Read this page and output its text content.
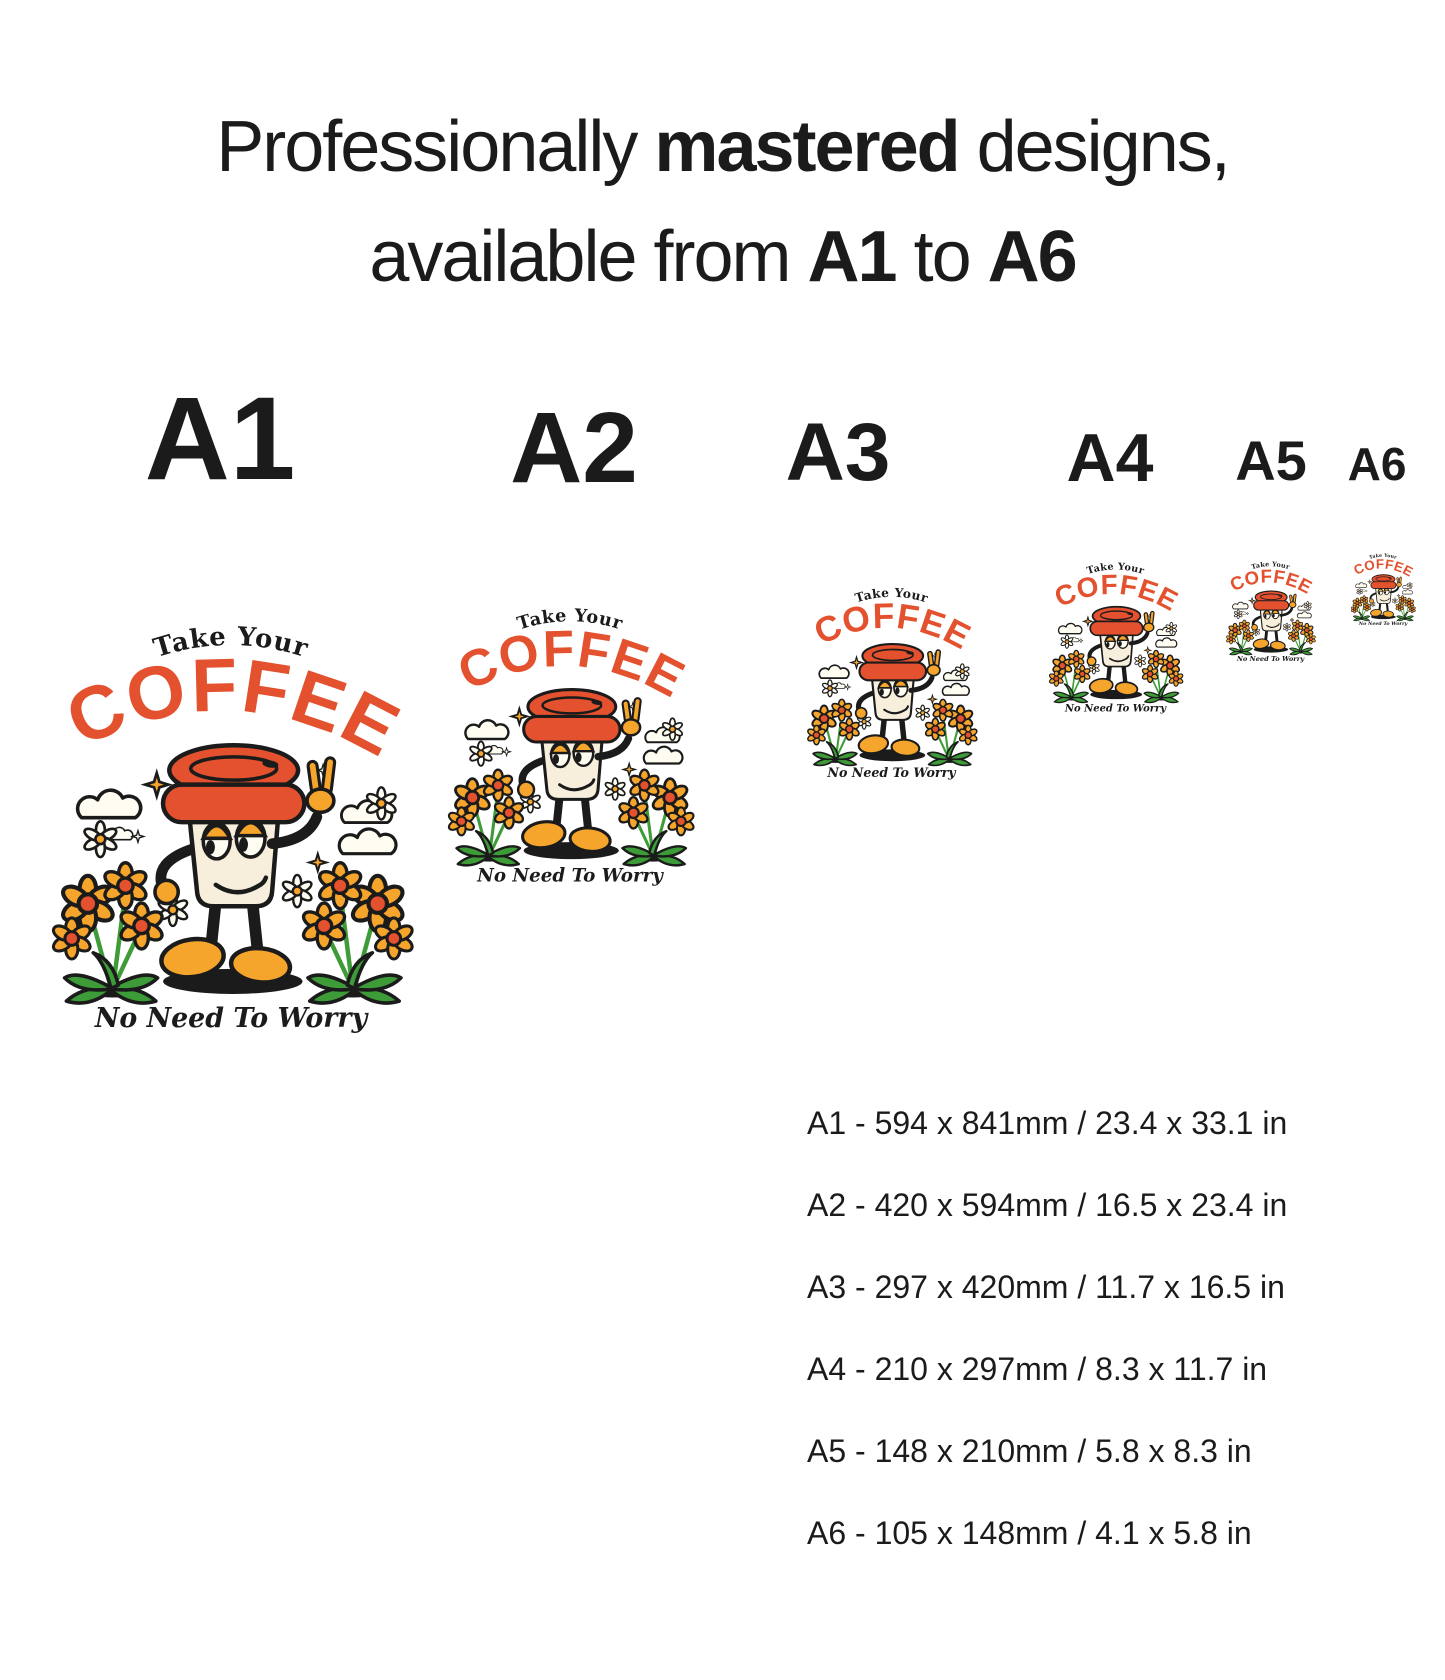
Professionally mastered designs,
available from A1 to A6
A1 A2 A3	A4 A5 A6
A1 - 594 x 841mm / 23.4 x 33.1 in
A2 - 420 x 594mm / 16.5 x 23.4 in
A3 - 297 x 420mm / 11.7 x 16.5 in
A4 - 210 x 297mm / 8.3 x 11.7 in
A5 - 148 x 210mm / 5.8 x 8.3 in
A6 - 105 x 148mm / 4.1 x 5.8 in
